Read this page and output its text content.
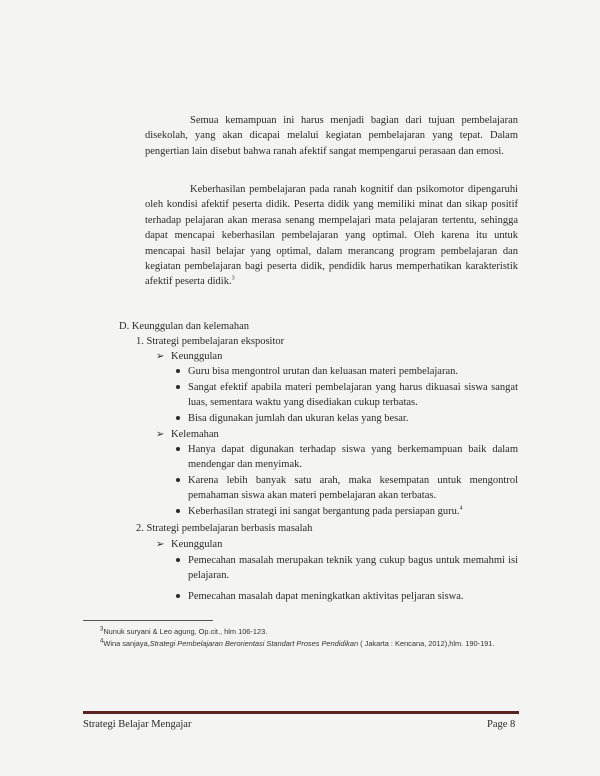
Semua kemampuan ini harus menjadi bagian dari tujuan pembelajaran disekolah, yang akan dicapai melalui kegiatan pembelajaran yang tepat. Dalam pengertian lain disebut bahwa ranah afektif sangat mempengarui perasaan dan emosi.

Keberhasilan pembelajaran pada ranah kognitif dan psikomotor dipengaruhi oleh kondisi afektif peserta didik. Peserta didik yang memiliki minat dan sikap positif terhadap pelajaran akan merasa senang mempelajari mata pelajaran tertentu, sehingga dapat mencapai keberhasilan pembelajaran yang optimal. Oleh karena itu untuk mencapai hasil belajar yang optimal, dalam merancang program pembelajaran dan kegiatan pembelajaran bagi peserta didik, pendidik harus memperhatikan karakteristik afektif peserta didik.$^3$

D. Keunggulan dan kelemahan

1. Strategi pembelajaran ekspositor

➢ Keunggulan

Guru bisa mengontrol urutan dan keluasan materi pembelajaran.

Sangat efektif apabila materi pembelajaran yang harus dikuasai siswa sangat luas, sementara waktu yang disediakan cukup terbatas.

Bisa digunakan jumlah dan ukuran kelas yang besar.

➢ Kelemahan

Hanya dapat digunakan terhadap siswa yang berkemampuan baik dalam mendengar dan menyimak.

Karena lebih banyak satu arah, maka kesempatan untuk mengontrol pemahaman siswa akan materi pembelajaran akan terbatas.

Keberhasilan strategi ini sangat bergantung pada persiapan guru.$^4$

2. Strategi pembelajaran berbasis masalah

➢ Keunggulan

Pemecahan masalah merupakan teknik yang cukup bagus untuk memahmi isi pelajaran.

Pemecahan masalah dapat meningkatkan aktivitas peljaran siswa.

$^3$Nunuk suryani & Leo agung, Op.cit., hlm 106-123.

$^4$Wina sanjaya,Strategi Pembelajaran Berorientasi Standart Proses Pendidikan ( Jakarta : Kencana, 2012),hlm. 190-191.

Strategi Belajar Mengajar	Page 8
